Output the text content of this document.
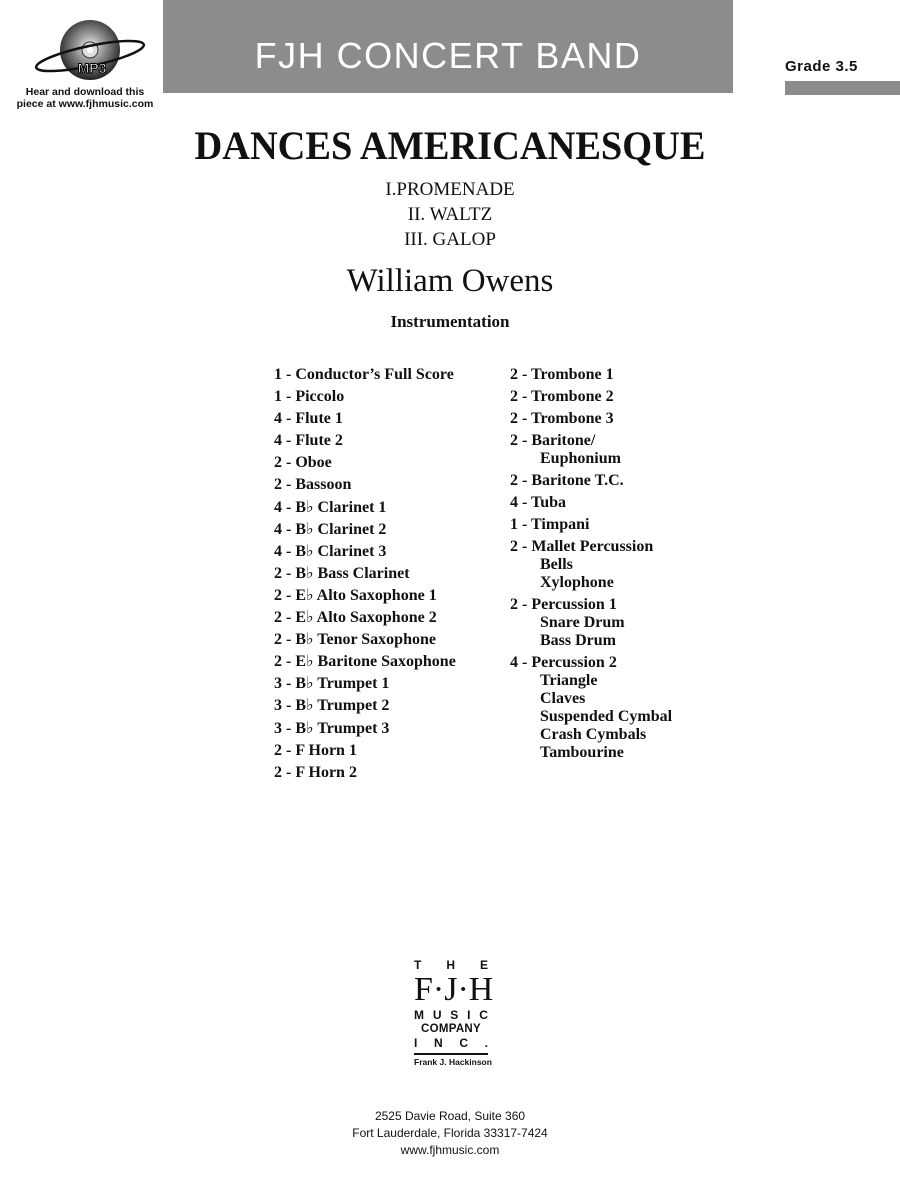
MP3
Hear and download this
piece at www.fjhmusic.com
FJH CONCERT BAND	Grade 3.5
DANCES AMERICANESQUE
I.PROMENADE
II. WALTZ
III. GALOP
William Owens
Instrumentation
1 - Conductor’s Full Score
1 - Piccolo
4 - Flute 1
4 - Flute 2
2 - Oboe
2 - Bassoon
4 - B♭ Clarinet 1
4 - B♭ Clarinet 2
4 - B♭ Clarinet 3
2 - B♭ Bass Clarinet
2 - E♭ Alto Saxophone 1
2 - E♭ Alto Saxophone 2
2 - B♭ Tenor Saxophone
2 - E♭ Baritone Saxophone
3 - B♭ Trumpet 1
3 - B♭ Trumpet 2
3 - B♭ Trumpet 3
2 - F Horn 1
2 - F Horn 2
2 - Trombone 1
2 - Trombone 2
2 - Trombone 3
2 - Baritone/
Euphonium
2 - Baritone T.C.
4 - Tuba
1 - Timpani
2 - Mallet Percussion
Bells
Xylophone
2 - Percussion 1
Snare Drum
Bass Drum
4 - Percussion 2
Triangle
Claves
Suspended Cymbal
Crash Cymbals
Tambourine
T H E
F·J·H
M U S I C
COMPANY
I N C .
Frank J. Hackinson
2525 Davie Road, Suite 360
Fort Lauderdale, Florida 33317-7424
www.fjhmusic.com
